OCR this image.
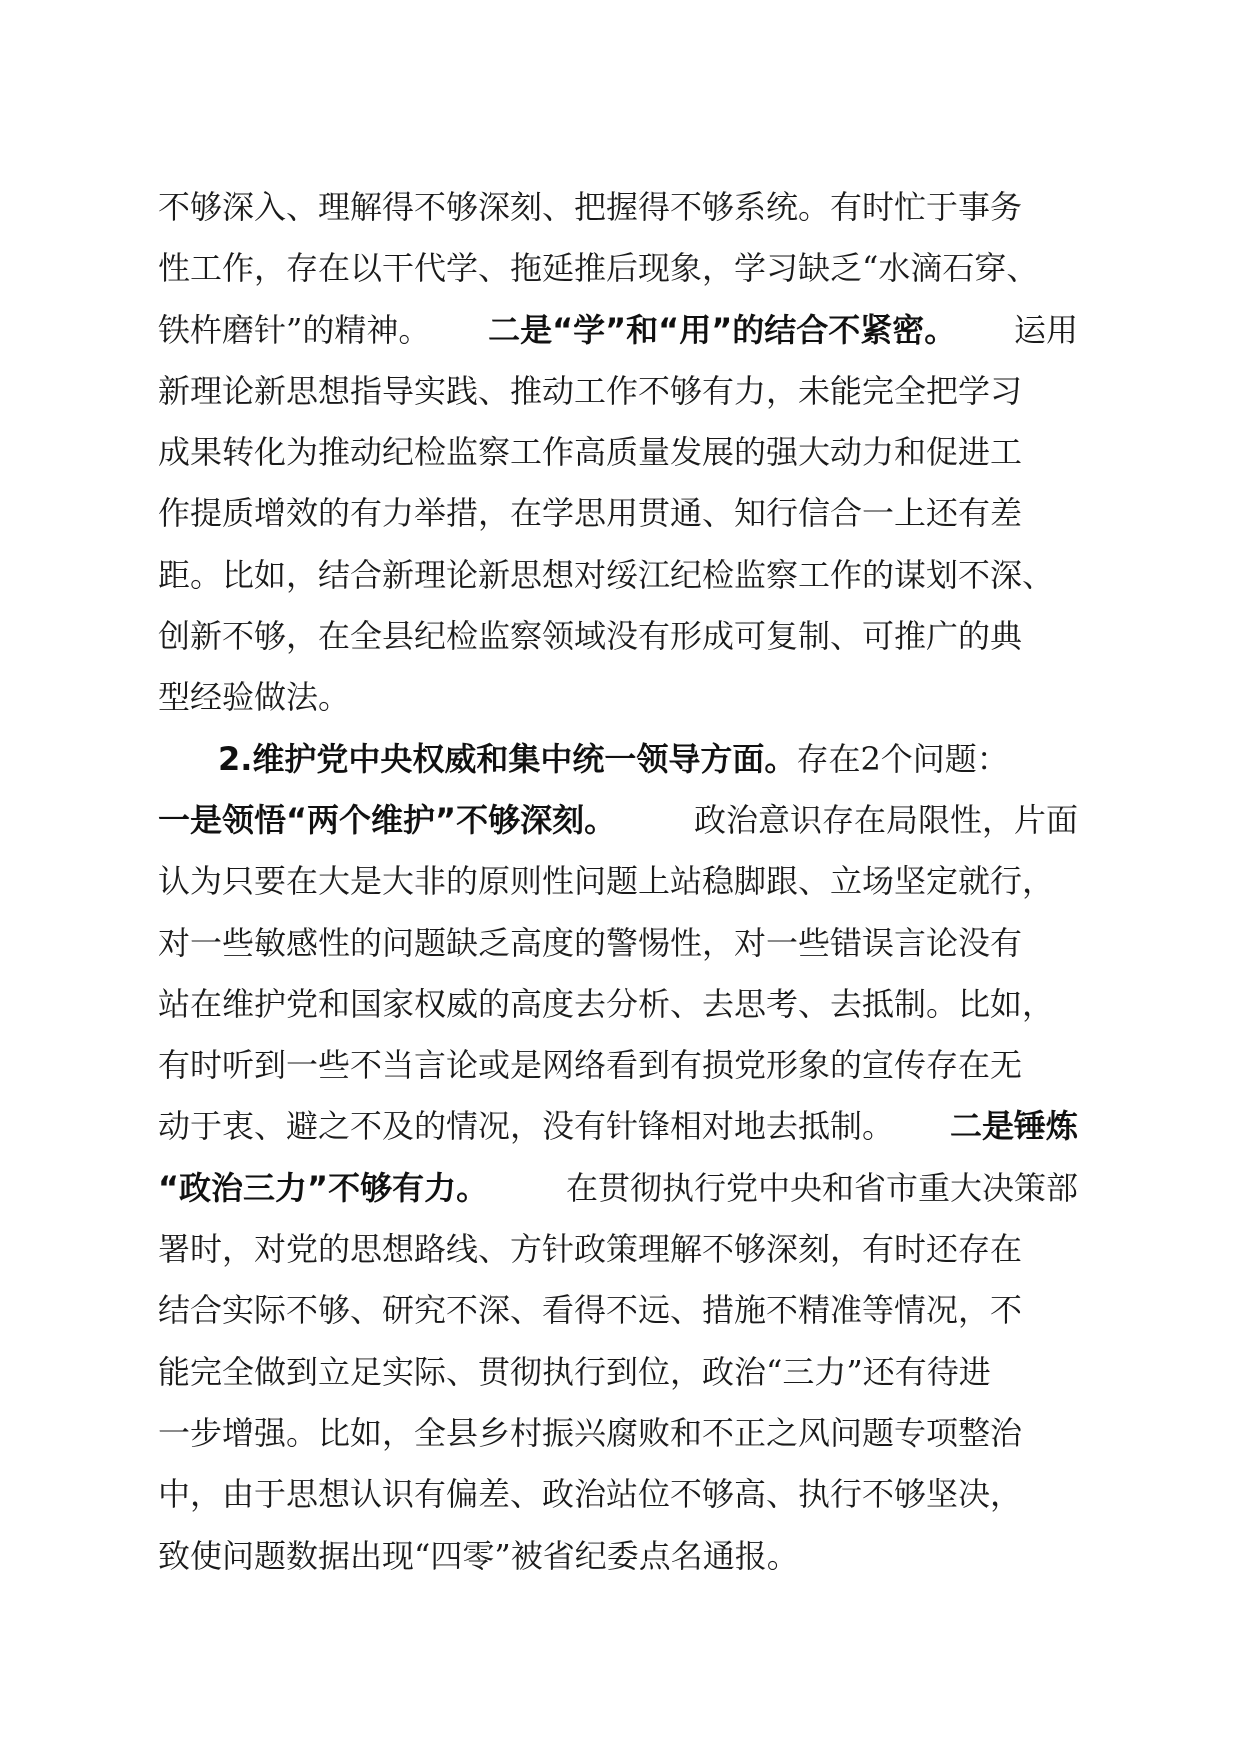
不够深入、理解得不够深刻、把握得不够系统。有时忙于事务
性工作，存在以干代学、拖延推后现象，学习缺乏“水滴石穿、
铁杵磨针”的精神。 二是“学”和“用”的结合不紧密。 运用
新理论新思想指导实践、推动工作不够有力，未能完全把学习
成果转化为推动纪检监察工作高质量发展的强大动力和促进工
作提质增效的有力举措，在学思用贯通、知行信合一上还有差
距。比如，结合新理论新思想对绥江纪检监察工作的谋划不深、
创新不够，在全县纪检监察领域没有形成可复制、可推广的典
型经验做法。
2.维护党中央权威和集中统一领导方面。 存在2个问题：
一是领悟“两个维护”不够深刻。 政治意识存在局限性，片面
认为只要在大是大非的原则性问题上站稳脚跟、立场坚定就行，
对一些敏感性的问题缺乏高度的警惕性，对一些错误言论没有
站在维护党和国家权威的高度去分析、去思考、去抵制。比如，
有时听到一些不当言论或是网络看到有损党形象的宣传存在无
动于衷、避之不及的情况，没有针锋相对地去抵制。 二是锤炼
“政治三力”不够有力。 在贯彻执行党中央和省市重大决策部
署时，对党的思想路线、方针政策理解不够深刻，有时还存在
结合实际不够、研究不深、看得不远、措施不精准等情况，不
能完全做到立足实际、贯彻执行到位，政治“三力”还有待进
一步增强。比如，全县乡村振兴腐败和不正之风问题专项整治
中，由于思想认识有偏差、政治站位不够高、执行不够坚决，
致使问题数据出现“四零”被省纪委点名通报。
